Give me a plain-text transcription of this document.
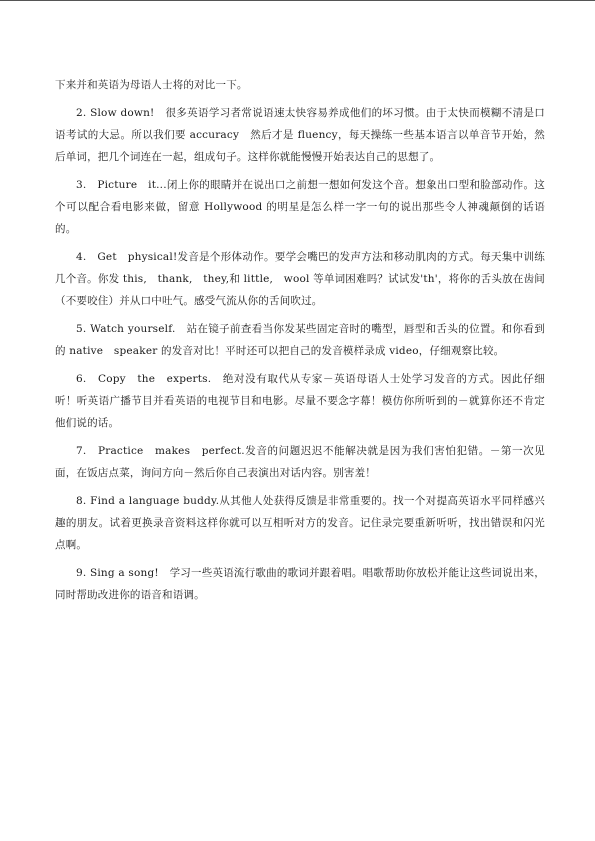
下来并和英语为母语人士将的对比一下。

2. Slow down!　很多英语学习者常说语速太快容易养成他们的坏习惯。由于太快而模糊不清是口语考试的大忌。所以我们要 accuracy　然后才是 fluency，每天操练一些基本语言以单音节开始，然后单词，把几个词连在一起，组成句子。这样你就能慢慢开始表达自己的思想了。

3.　Picture　it...闭上你的眼睛并在说出口之前想一想如何发这个音。想象出口型和脸部动作。这个可以配合看电影来做，留意 Hollywood 的明星是怎么样一字一句的说出那些令人神魂颠倒的话语的。

4.　Get　physical!发音是个形体动作。要学会嘴巴的发声方法和移动肌肉的方式。每天集中训练几个音。你发 this,　thank,　they,和 little,　wool 等单词困难吗？试试发'th'，将你的舌头放在齿间（不要咬住）并从口中吐气。感受气流从你的舌间吹过。

5. Watch yourself.　站在镜子前查看当你发某些固定音时的嘴型，唇型和舌头的位置。和你看到的 native　speaker 的发音对比！平时还可以把自己的发音模样录成 video，仔细观察比较。

6.　Copy　the　experts.　绝对没有取代从专家－英语母语人士处学习发音的方式。因此仔细听！听英语广播节目并看英语的电视节目和电影。尽量不要念字幕！模仿你所听到的－就算你还不肯定他们说的话。

7.　Practice　makes　perfect.发音的问题迟迟不能解决就是因为我们害怕犯错。－第一次见面，在饭店点菜，询问方向－然后你自己表演出对话内容。别害羞！

8. Find a language buddy.从其他人处获得反馈是非常重要的。找一个对提高英语水平同样感兴趣的朋友。试着更换录音资料这样你就可以互相听对方的发音。记住录完要重新听听，找出错误和闪光点啊。

9. Sing a song!　学习一些英语流行歌曲的歌词并跟着唱。唱歌帮助你放松并能让这些词说出来，同时帮助改进你的语音和语调。
